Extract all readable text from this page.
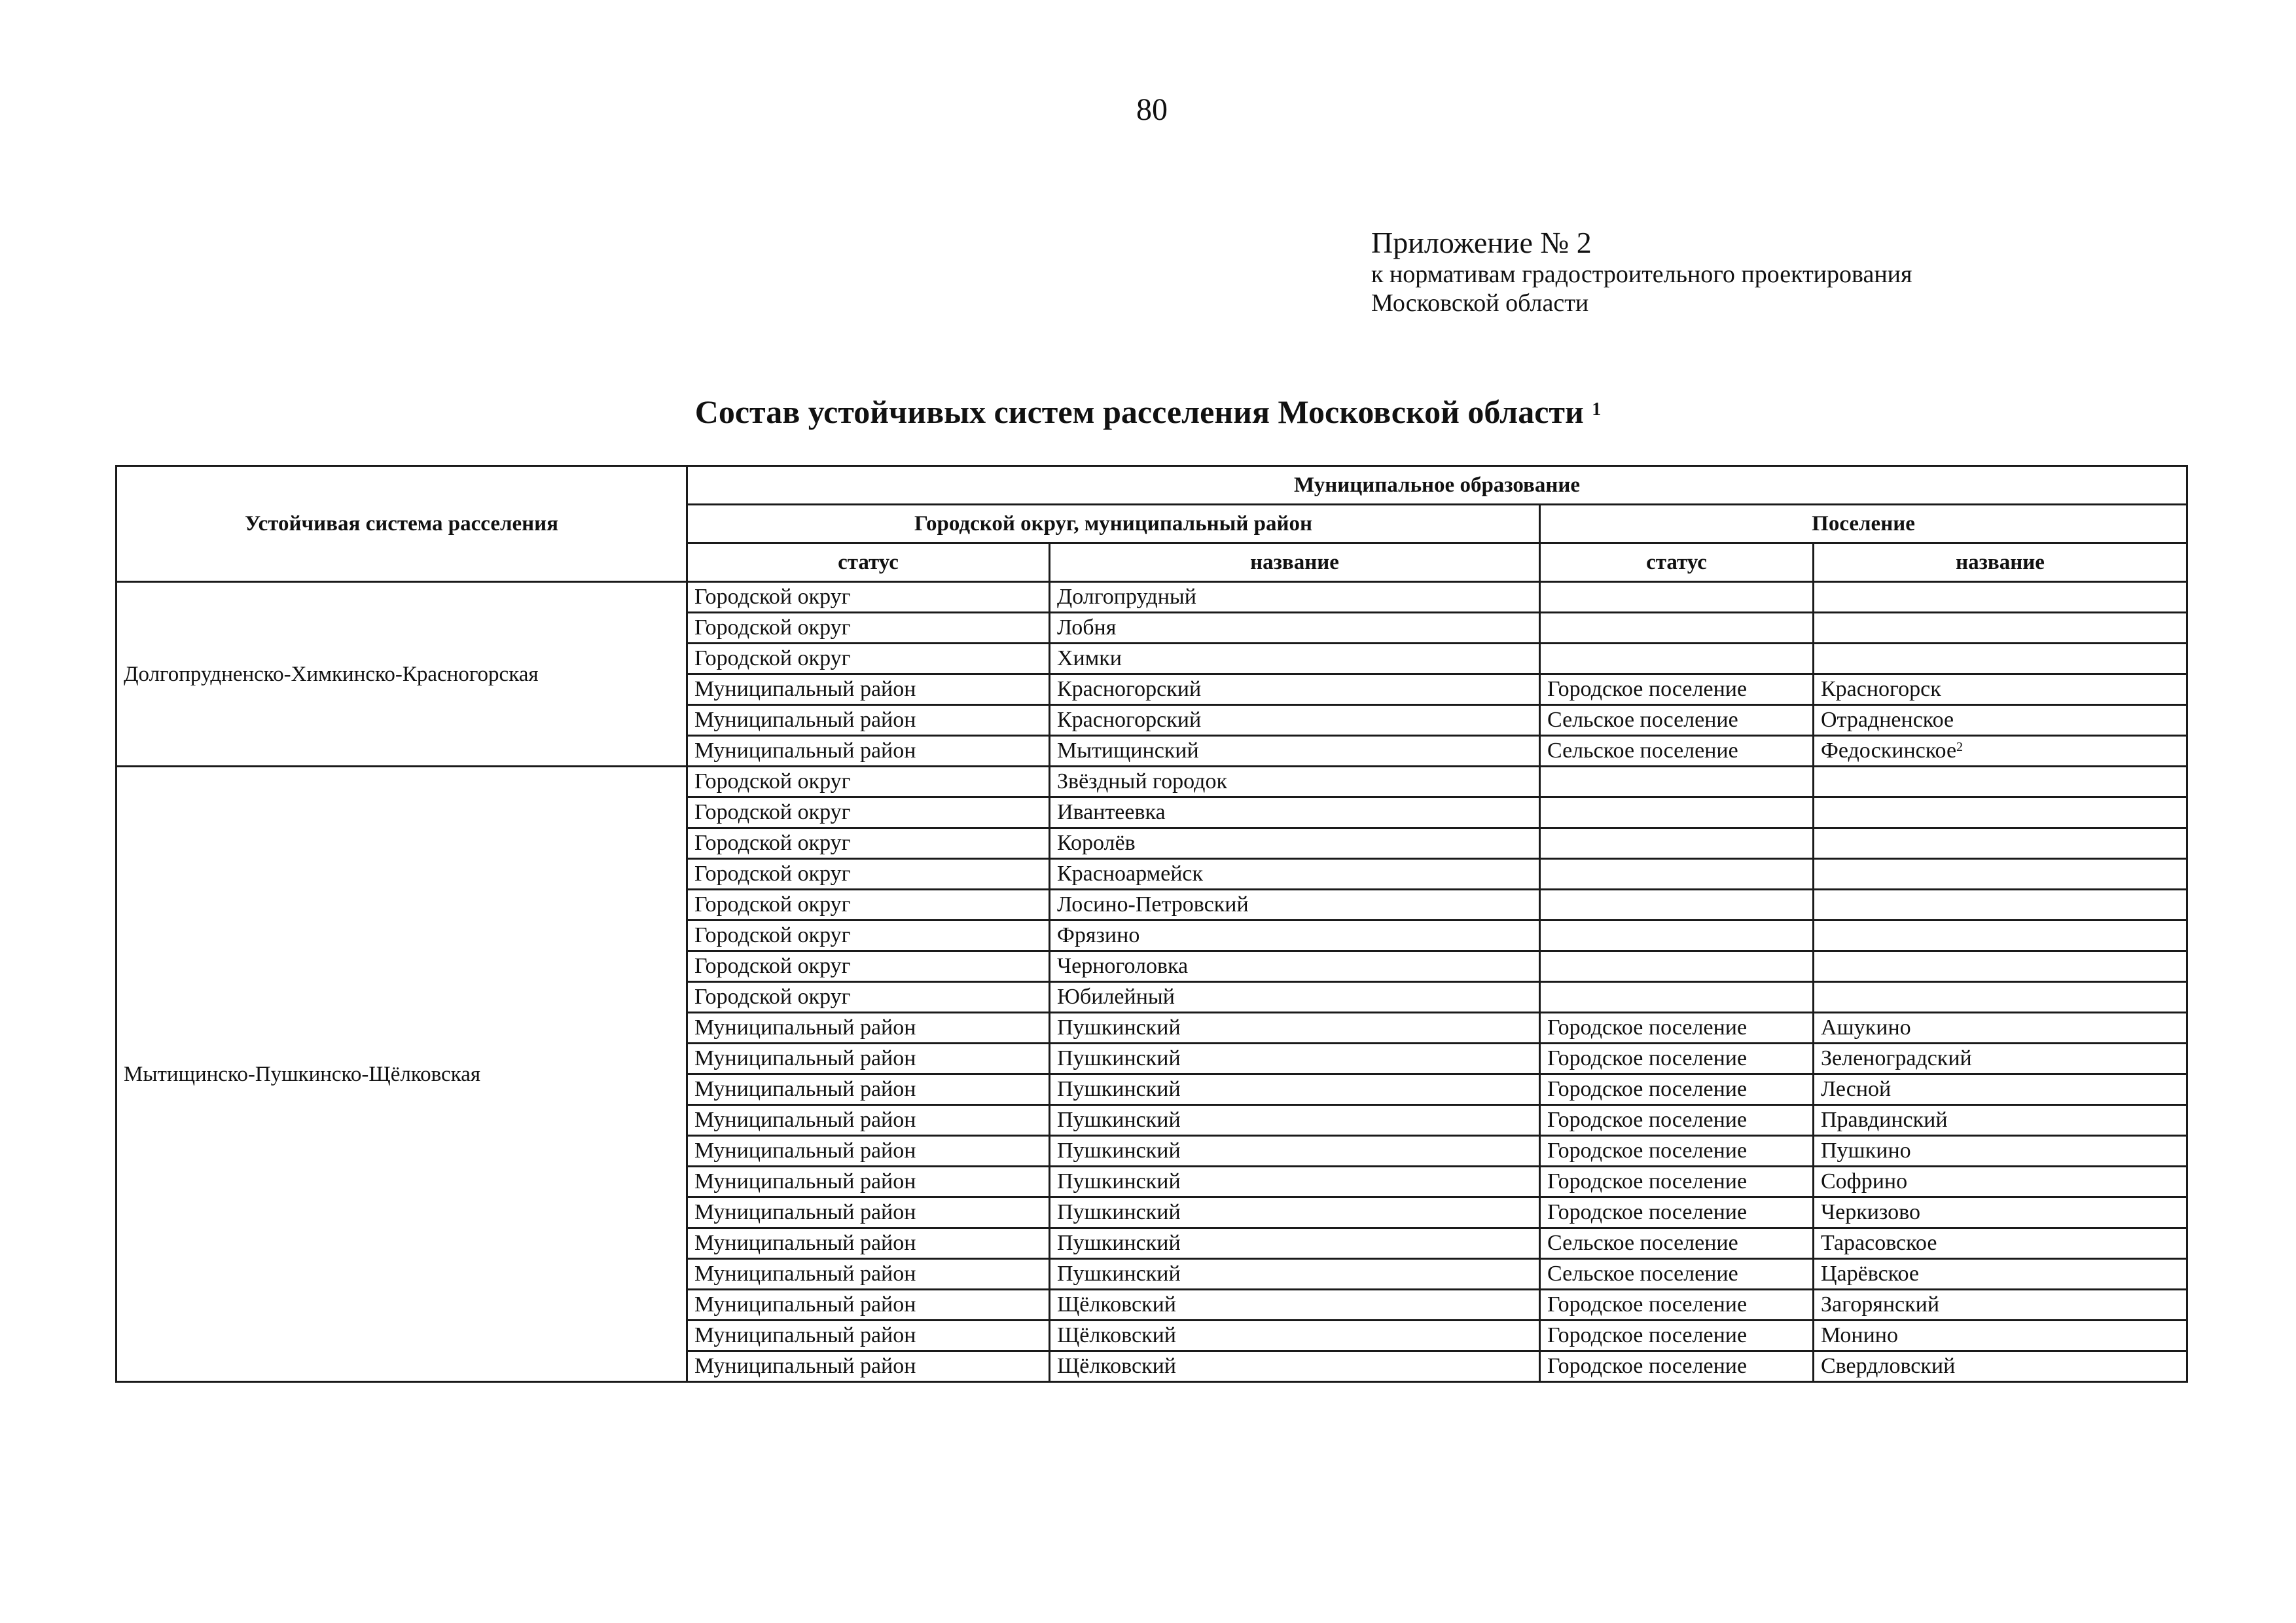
80
Приложение № 2
к нормативам градостроительного проектирования
Московской области
Состав устойчивых систем расселения Московской области $^1$
Устойчивая система расселения	Муниципальное образование			
	Городской округ, муниципальный район		Поселение	
	статус	название	статус	название
Долгопрудненско-Химкинско-Красногорская	Городской округ	Долгопрудный		
	Городской округ	Лобня		
	Городской округ	Химки		
	Муниципальный район	Красногорский	Городское поселение	Красногорск
	Муниципальный район	Красногорский	Сельское поселение	Отрадненское
	Муниципальный район	Мытищинский	Сельское поселение	Федоскинское$^2$
Мытищинско-Пушкинско-Щёлковская	Городской округ	Звёздный городок		
	Городской округ	Ивантеевка		
	Городской округ	Королёв		
	Городской округ	Красноармейск		
	Городской округ	Лосино-Петровский		
	Городской округ	Фрязино		
	Городской округ	Черноголовка		
	Городской округ	Юбилейный		
	Муниципальный район	Пушкинский	Городское поселение	Ашукино
	Муниципальный район	Пушкинский	Городское поселение	Зеленоградский
	Муниципальный район	Пушкинский	Городское поселение	Лесной
	Муниципальный район	Пушкинский	Городское поселение	Правдинский
	Муниципальный район	Пушкинский	Городское поселение	Пушкино
	Муниципальный район	Пушкинский	Городское поселение	Софрино
	Муниципальный район	Пушкинский	Городское поселение	Черкизово
	Муниципальный район	Пушкинский	Сельское поселение	Тарасовское
	Муниципальный район	Пушкинский	Сельское поселение	Царёвское
	Муниципальный район	Щёлковский	Городское поселение	Загорянский
	Муниципальный район	Щёлковский	Городское поселение	Монино
	Муниципальный район	Щёлковский	Городское поселение	Свердловский
